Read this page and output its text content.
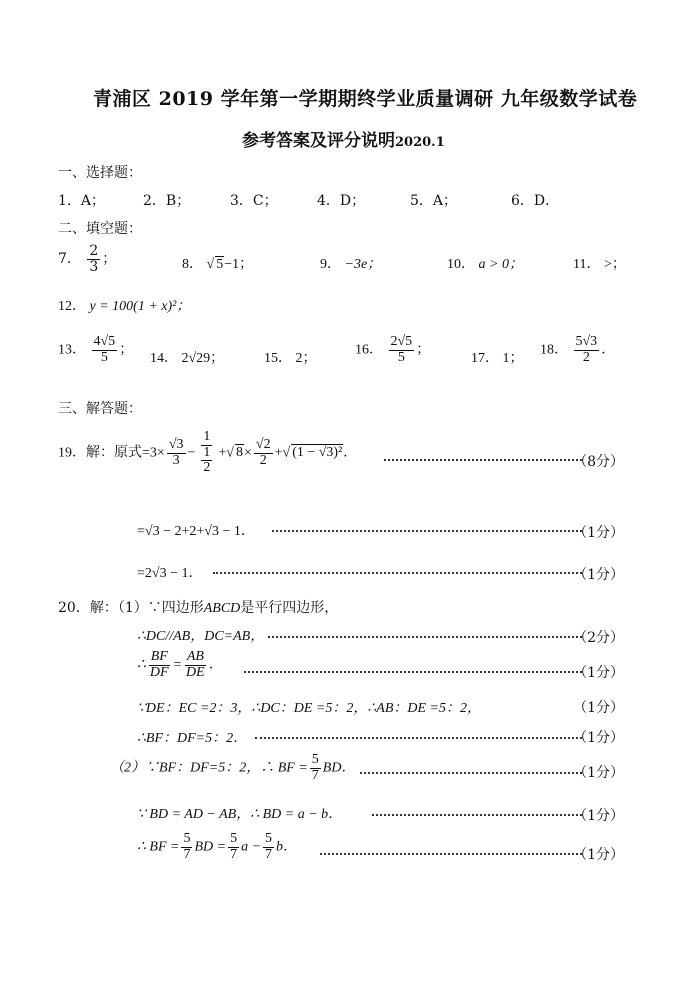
青浦区 2019 学年第一学期期终学业质量调研 九年级数学试卷
参考答案及评分说明2020.1
一、选择题：
1．A；	2．B；	3．C；	4．D；	5．A；	6．D．
二、填空题：
7． $\frac{2}{3}$ ；	8． √ 5−1；	9． −3e；	10． a > 0；	11． >；
12． y = 100(1 + x)²；
13． $\frac{4√5}{5}$ ；
14． 2√29；	15． 2；
16． $\frac{2√5}{5}$ ；
17． 1；
18． $\frac{5√3}{2}$ ．
三、解答题：
19．解：原式$=3\times \frac{√3}{3} - \frac{1}{\frac{1}{2}}$ +√ $8\times \frac{√2}{2}$ +√ (1 − √3)²．
（8分）
=√3 − 2+2+√3 − 1．	（1分）
=2√3 − 1．	（1分）
20．解：（1）∵四边形ABCD是平行四边形，
∴DC//AB，DC=AB，	（2分）
∴ $\frac{BF}{DF} = \frac{AB}{DE}$ ．
（1分）
∵DE：EC =2：3，∴DC：DE =5：2，∴AB：DE =5：2，	（1分）
∴BF：DF=5：2．	（1分）
（2）∵BF：DF=5：2，∴ BF = $\frac{5}{7}$ BD．	（1分）
∵ BD = AD − AB，∴ BD = a − b．	（1分）
∴ BF = $\frac{5}{7}$ BD = $\frac{5}{7}$ $a - \frac{5}{7}$ b．
（1分）
